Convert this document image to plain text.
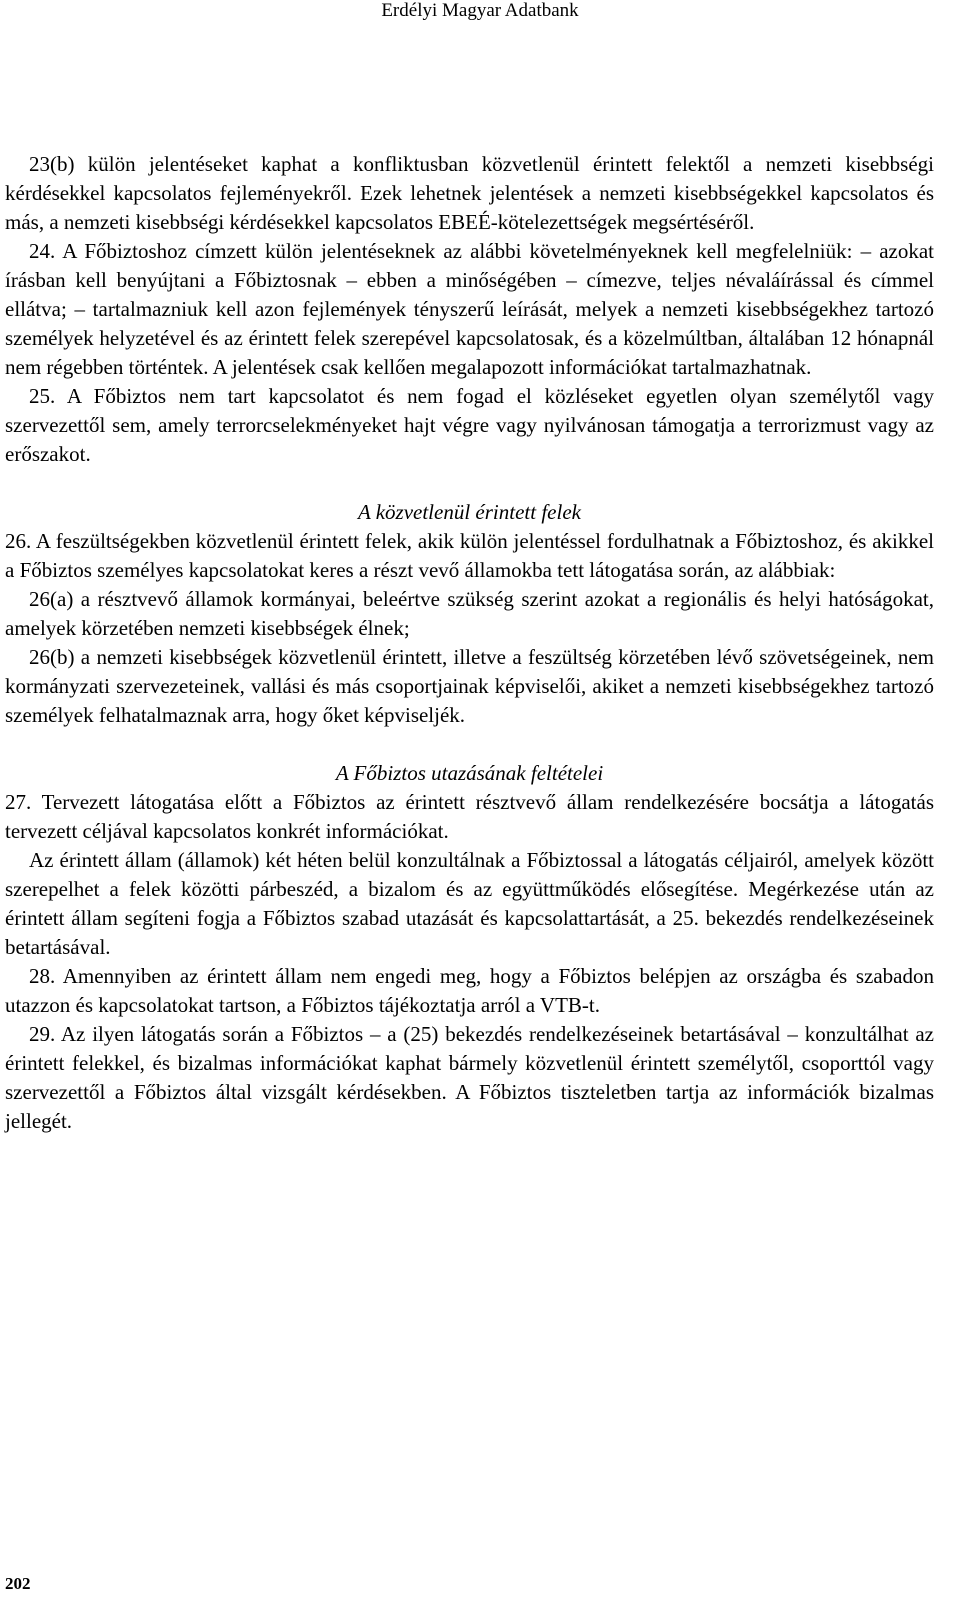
Erdélyi Magyar Adatbank

23(b) külön jelentéseket kaphat a konfliktusban közvetlenül érintett felektől a nemzeti kisebbségi kérdésekkel kapcsolatos fejleményekről. Ezek lehetnek jelentések a nemzeti kisebbségekkel kapcsolatos és más, a nemzeti kisebbségi kérdésekkel kapcsolatos EBEÉ-kötelezettségek megsértéséről.

24. A Főbiztoshoz címzett külön jelentéseknek az alábbi követelményeknek kell megfelelniük: – azokat írásban kell benyújtani a Főbiztosnak – ebben a minőségében – címezve, teljes névaláírással és címmel ellátva; – tartalmazniuk kell azon fejlemények tényszerű leírását, melyek a nemzeti kisebbségekhez tartozó személyek helyzetével és az érintett felek szerepével kapcsolatosak, és a közelmúltban, általában 12 hónapnál nem régebben történtek. A jelentések csak kellően megalapozott információkat tartalmazhatnak.

25. A Főbiztos nem tart kapcsolatot és nem fogad el közléseket egyetlen olyan személytől vagy szervezettől sem, amely terrorcselekményeket hajt végre vagy nyilvánosan támogatja a terrorizmust vagy az erőszakot.

A közvetlenül érintett felek

26. A feszültségekben közvetlenül érintett felek, akik külön jelentéssel fordulhatnak a Főbiztoshoz, és akikkel a Főbiztos személyes kapcsolatokat keres a részt vevő államokba tett látogatása során, az alábbiak:

26(a) a résztvevő államok kormányai, beleértve szükség szerint azokat a regionális és helyi hatóságokat, amelyek körzetében nemzeti kisebbségek élnek;

26(b) a nemzeti kisebbségek közvetlenül érintett, illetve a feszültség körzetében lévő szövetségeinek, nem kormányzati szervezeteinek, vallási és más csoportjainak képviselői, akiket a nemzeti kisebbségekhez tartozó személyek felhatalmaznak arra, hogy őket képviseljék.

A Főbiztos utazásának feltételei

27. Tervezett látogatása előtt a Főbiztos az érintett résztvevő állam rendelkezésére bocsátja a látogatás tervezett céljával kapcsolatos konkrét információkat.

Az érintett állam (államok) két héten belül konzultálnak a Főbiztossal a látogatás céljairól, amelyek között szerepelhet a felek közötti párbeszéd, a bizalom és az együttműködés elősegítése. Megérkezése után az érintett állam segíteni fogja a Főbiztos szabad utazását és kapcsolattartását, a 25. bekezdés rendelkezéseinek betartásával.

28. Amennyiben az érintett állam nem engedi meg, hogy a Főbiztos belépjen az országba és szabadon utazzon és kapcsolatokat tartson, a Főbiztos tájékoztatja arról a VTB-t.

29. Az ilyen látogatás során a Főbiztos – a (25) bekezdés rendelkezéseinek betartásával – konzultálhat az érintett felekkel, és bizalmas információkat kaphat bármely közvetlenül érintett személytől, csoporttól vagy szervezettől a Főbiztos által vizsgált kérdésekben. A Főbiztos tiszteletben tartja az információk bizalmas jellegét.

202
